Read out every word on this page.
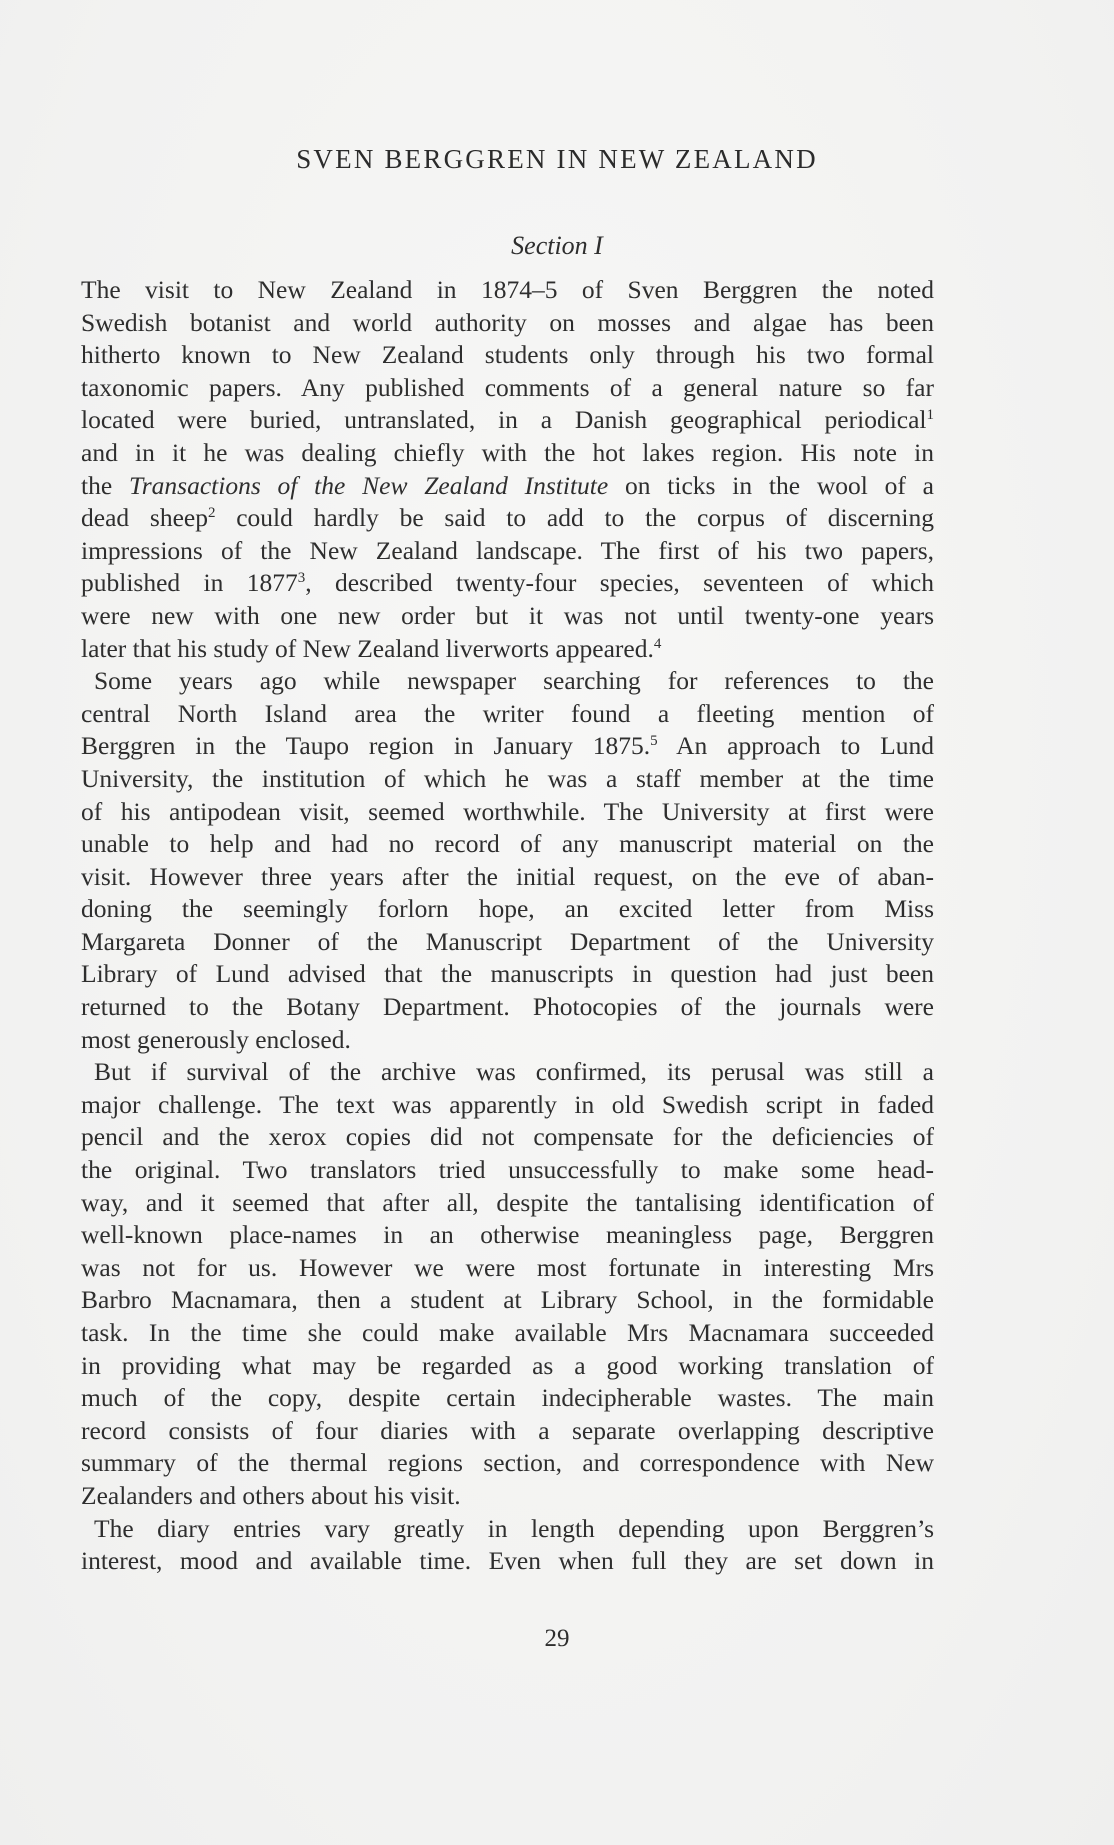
SVEN BERGGREN IN NEW ZEALAND
Section I
The visit to New Zealand in 1874–5 of Sven Berggren the noted
Swedish botanist and world authority on mosses and algae has been
hitherto known to New Zealand students only through his two formal
taxonomic papers. Any published comments of a general nature so far
located were buried, untranslated, in a Danish geographical periodical$^1$
and in it he was dealing chiefly with the hot lakes region. His note in
the Transactions of the New Zealand Institute on ticks in the wool of a
dead sheep$^2$ could hardly be said to add to the corpus of discerning
impressions of the New Zealand landscape. The first of his two papers,
published in 1877$^3$, described twenty-four species, seventeen of which
were new with one new order but it was not until twenty-one years
later that his study of New Zealand liverworts appeared.$^4$
Some years ago while newspaper searching for references to the
central North Island area the writer found a fleeting mention of
Berggren in the Taupo region in January 1875.$^5$ An approach to Lund
University, the institution of which he was a staff member at the time
of his antipodean visit, seemed worthwhile. The University at first were
unable to help and had no record of any manuscript material on the
visit. However three years after the initial request, on the eve of aban-
doning the seemingly forlorn hope, an excited letter from Miss
Margareta Donner of the Manuscript Department of the University
Library of Lund advised that the manuscripts in question had just been
returned to the Botany Department. Photocopies of the journals were
most generously enclosed.
But if survival of the archive was confirmed, its perusal was still a
major challenge. The text was apparently in old Swedish script in faded
pencil and the xerox copies did not compensate for the deficiencies of
the original. Two translators tried unsuccessfully to make some head-
way, and it seemed that after all, despite the tantalising identification of
well-known place-names in an otherwise meaningless page, Berggren
was not for us. However we were most fortunate in interesting Mrs
Barbro Macnamara, then a student at Library School, in the formidable
task. In the time she could make available Mrs Macnamara succeeded
in providing what may be regarded as a good working translation of
much of the copy, despite certain indecipherable wastes. The main
record consists of four diaries with a separate overlapping descriptive
summary of the thermal regions section, and correspondence with New
Zealanders and others about his visit.
The diary entries vary greatly in length depending upon Berggren’s
interest, mood and available time. Even when full they are set down in
29
